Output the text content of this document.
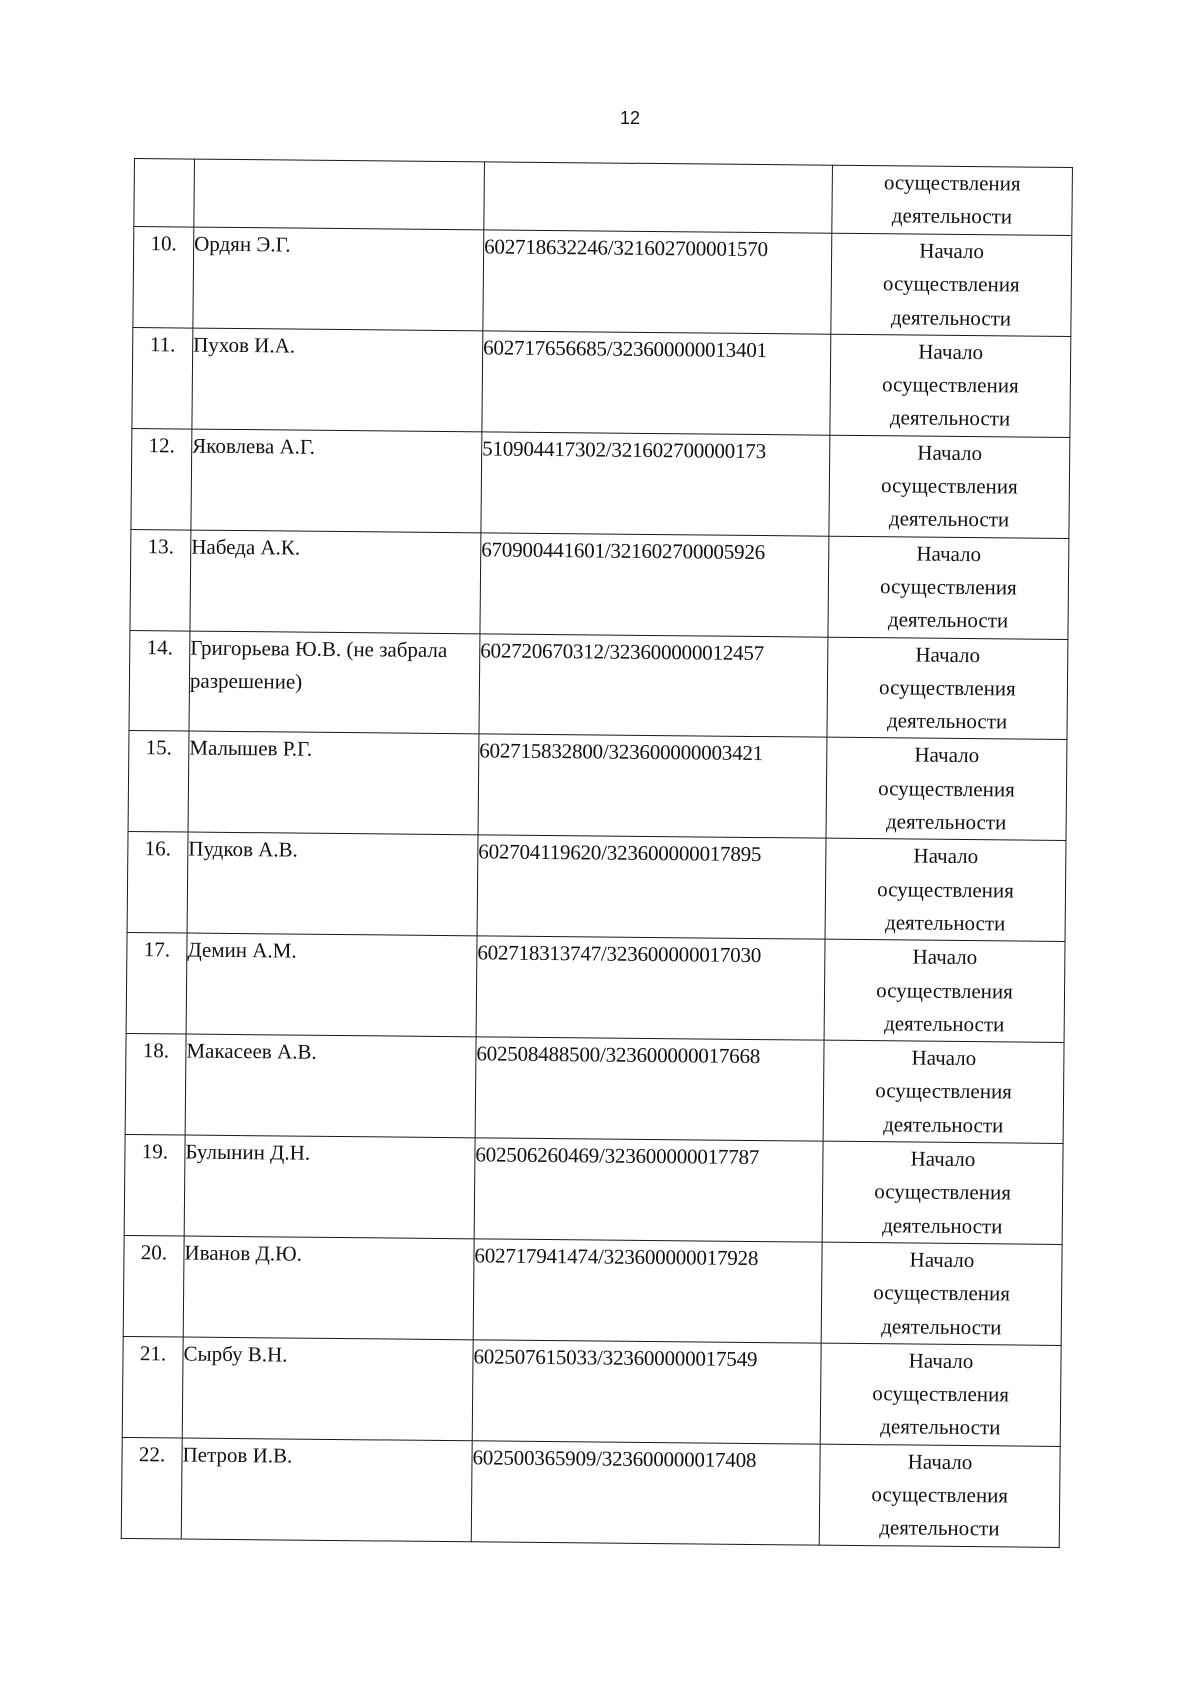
12

			осуществления
деятельности

10.	Ордян Э.Г.	602718632246/321602700001570	Начало
осуществления
деятельности

11.	Пухов И.А.	602717656685/323600000013401	Начало
осуществления
деятельности

12.	Яковлева А.Г.	510904417302/321602700000173	Начало
осуществления
деятельности

13.	Набеда А.К.	670900441601/321602700005926	Начало
осуществления
деятельности

14.	Григорьева Ю.В. (не забрала разрешение)	602720670312/323600000012457	Начало
осуществления
деятельности

15.	Малышев Р.Г.	602715832800/323600000003421	Начало
осуществления
деятельности

16.	Пудков А.В.	602704119620/323600000017895	Начало
осуществления
деятельности

17.	Демин А.М.	602718313747/323600000017030	Начало
осуществления
деятельности

18.	Макасеев А.В.	602508488500/323600000017668	Начало
осуществления
деятельности

19.	Булынин Д.Н.	602506260469/323600000017787	Начало
осуществления
деятельности

20.	Иванов Д.Ю.	602717941474/323600000017928	Начало
осуществления
деятельности

21.	Сырбу В.Н.	602507615033/323600000017549	Начало
осуществления
деятельности

22.	Петров И.В.	602500365909/323600000017408	Начало
осуществления
деятельности
